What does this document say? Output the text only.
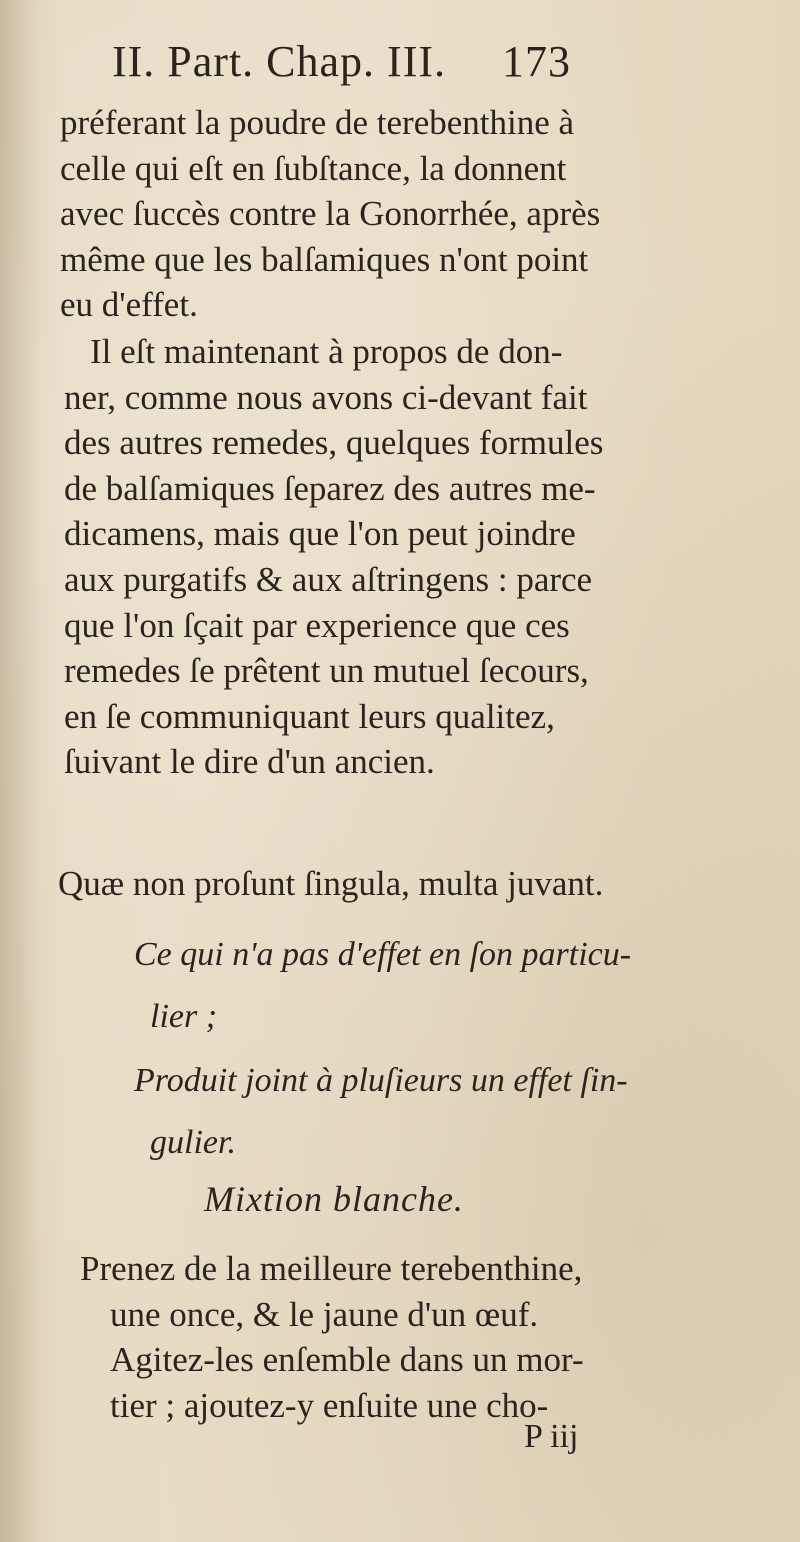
II. Part. Chap. III. 173
préferant la poudre de terebenthine à
celle qui eſt en ſubſtance, la donnent
avec ſuccès contre la Gonorrhée, après
même que les balſamiques n'ont point
eu d'effet.
Il eſt maintenant à propos de don-
ner, comme nous avons ci-devant fait
des autres remedes, quelques formules
de balſamiques ſeparez des autres me-
dicamens, mais que l'on peut joindre
aux purgatifs & aux aſtringens : parce
que l'on ſçait par experience que ces
remedes ſe prêtent un mutuel ſecours,
en ſe communiquant leurs qualitez,
ſuivant le dire d'un ancien.
Quæ non proſunt ſingula, multa juvant.
Ce qui n'a pas d'effet en ſon particu-
lier ;
Produit joint à pluſieurs un effet ſin-
gulier.
Mixtion blanche.
Prenez de la meilleure terebenthine,
une once, & le jaune d'un œuf.
Agitez-les enſemble dans un mor-
tier ; ajoutez-y enſuite une cho-
P iij
